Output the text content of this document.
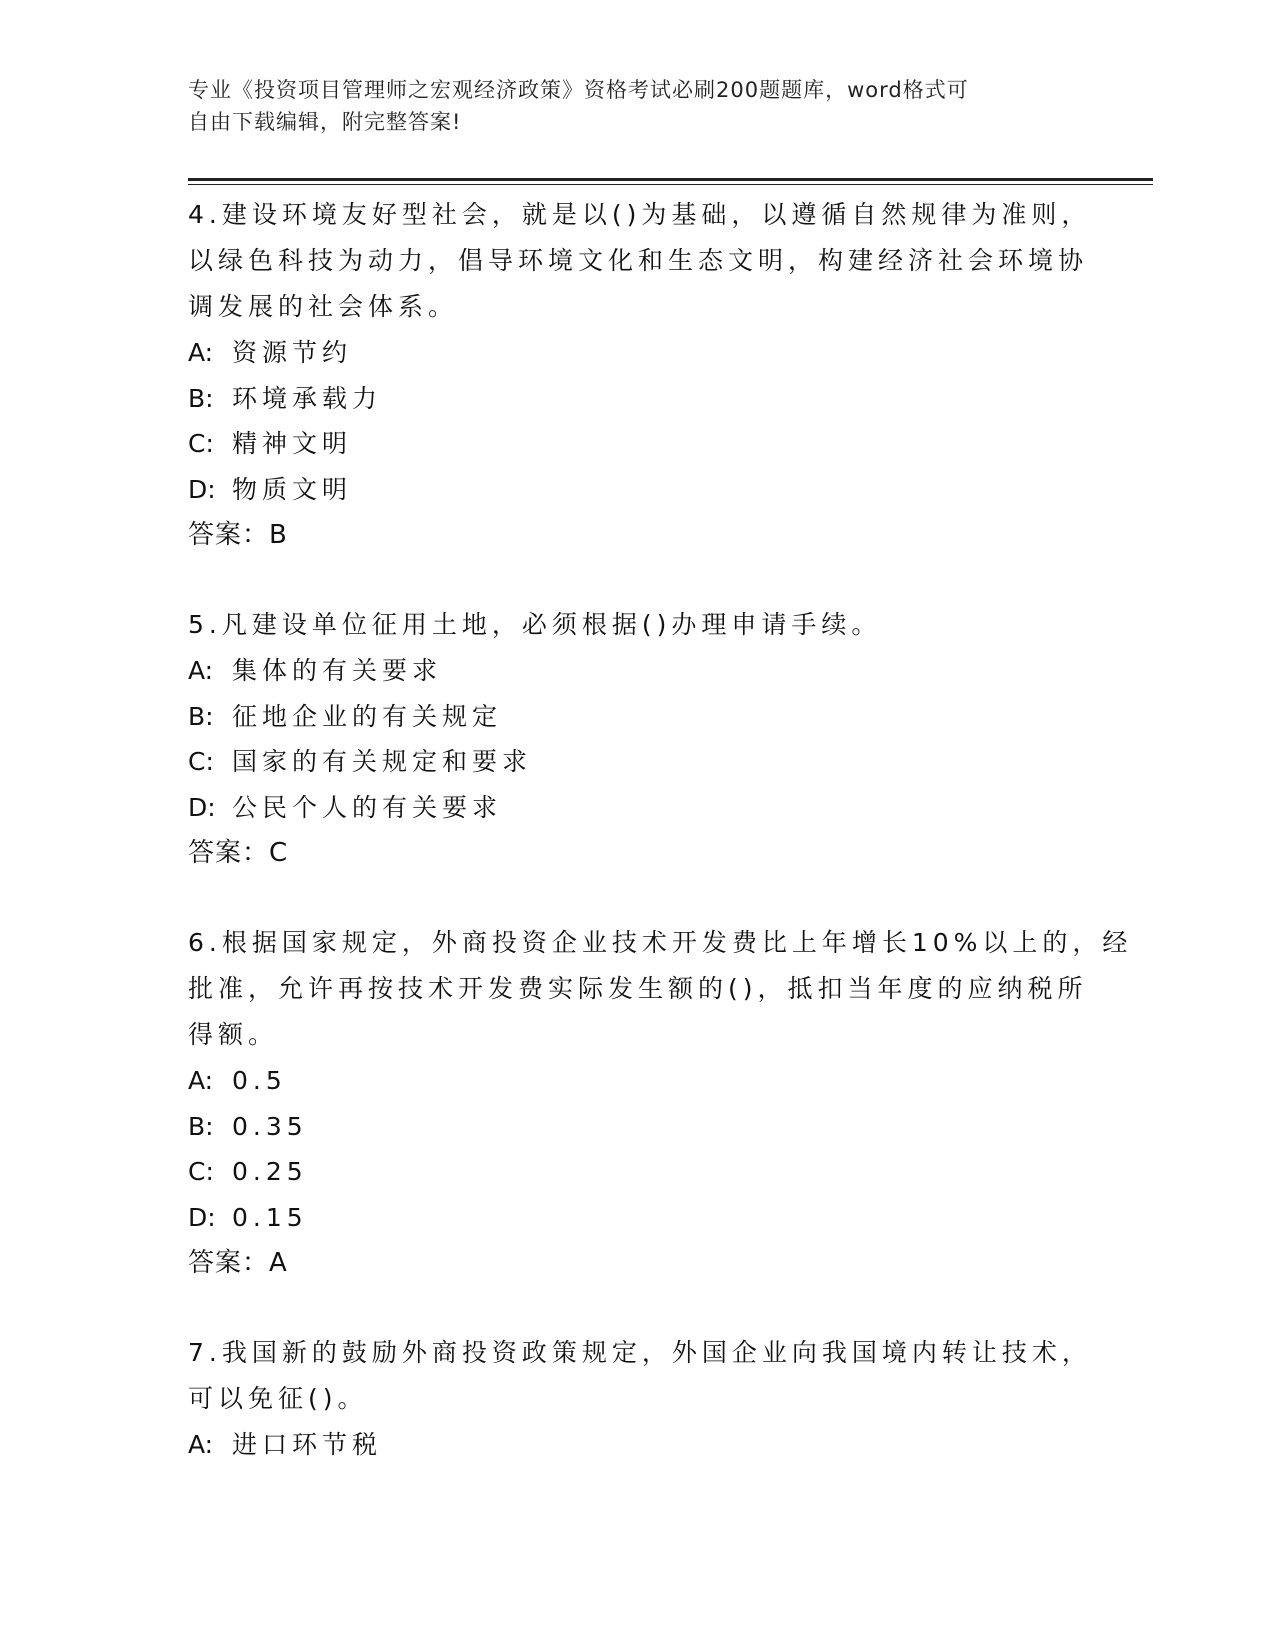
专业《投资项目管理师之宏观经济政策》资格考试必刷200题题库，word格式可
自由下载编辑，附完整答案!
4.建设环境友好型社会，就是以()为基础，以遵循自然规律为准则，
以绿色科技为动力，倡导环境文化和生态文明，构建经济社会环境协
调发展的社会体系。
A: 资源节约
B: 环境承载力
C: 精神文明
D: 物质文明
答案：B
5.凡建设单位征用土地，必须根据()办理申请手续。
A: 集体的有关要求
B: 征地企业的有关规定
C: 国家的有关规定和要求
D: 公民个人的有关要求
答案：C
6.根据国家规定，外商投资企业技术开发费比上年增长10%以上的，经
批准，允许再按技术开发费实际发生额的()，抵扣当年度的应纳税所
得额。
A: 0.5
B: 0.35
C: 0.25
D: 0.15
答案：A
7.我国新的鼓励外商投资政策规定，外国企业向我国境内转让技术，
可以免征()。
A: 进口环节税
